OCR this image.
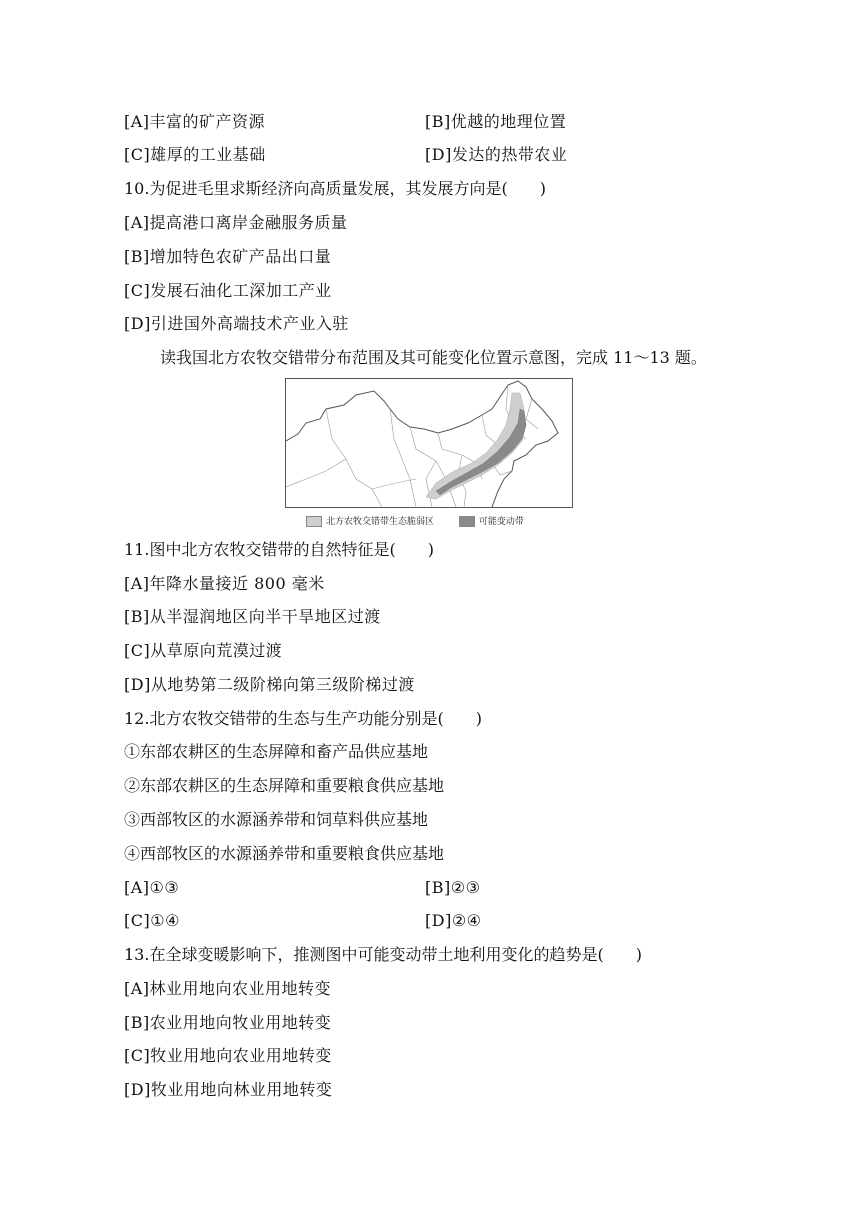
[A]丰富的矿产资源	[B]优越的地理位置
[C]雄厚的工业基础	[D]发达的热带农业
10.为促进毛里求斯经济向高质量发展，其发展方向是(　　)
[A]提高港口离岸金融服务质量
[B]增加特色农矿产品出口量
[C]发展石油化工深加工产业
[D]引进国外高端技术产业入驻
读我国北方农牧交错带分布范围及其可能变化位置示意图，完成 11～13 题。
北方农牧交错带生态脆弱区	可能变动带
11.图中北方农牧交错带的自然特征是(　　)
[A]年降水量接近 800 毫米
[B]从半湿润地区向半干旱地区过渡
[C]从草原向荒漠过渡
[D]从地势第二级阶梯向第三级阶梯过渡
12.北方农牧交错带的生态与生产功能分别是(　　)
①东部农耕区的生态屏障和畜产品供应基地
②东部农耕区的生态屏障和重要粮食供应基地
③西部牧区的水源涵养带和饲草料供应基地
④西部牧区的水源涵养带和重要粮食供应基地
[A]①③	[B]②③
[C]①④	[D]②④
13.在全球变暖影响下，推测图中可能变动带土地利用变化的趋势是(　　)
[A]林业用地向农业用地转变
[B]农业用地向牧业用地转变
[C]牧业用地向农业用地转变
[D]牧业用地向林业用地转变
